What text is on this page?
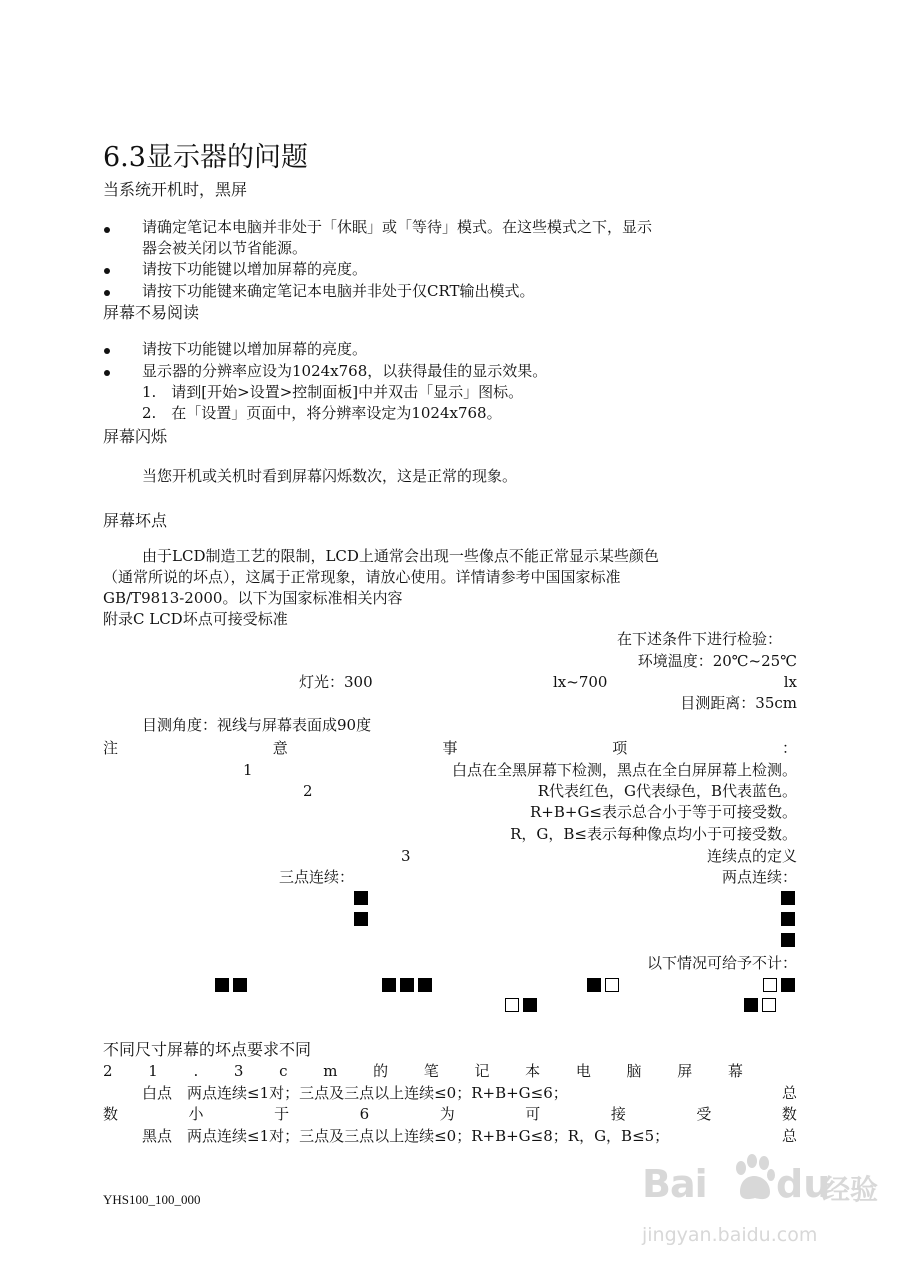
6.3显示器的问题
当系统开机时，黑屏
请确定笔记本电脑并非处于「休眠」或「等待」模式。在这些模式之下，显示
器会被关闭以节省能源。
请按下功能键以增加屏幕的亮度。
请按下功能键来确定笔记本电脑并非处于仅CRT输出模式。
屏幕不易阅读
请按下功能键以增加屏幕的亮度。
显示器的分辨率应设为1024x768，以获得最佳的显示效果。
1.　请到[开始>设置>控制面板]中并双击「显示」图标。
2.　在「设置」页面中，将分辨率设定为1024x768。
屏幕闪烁
当您开机或关机时看到屏幕闪烁数次，这是正常的现象。
屏幕坏点
由于LCD制造工艺的限制，LCD上通常会出现一些像点不能正常显示某些颜色
（通常所说的坏点），这属于正常现象，请放心使用。详情请参考中国国家标准
GB/T9813-2000。以下为国家标准相关内容
附录C LCD坏点可接受标准
在下述条件下进行检验：
环境温度：20℃~25℃
灯光：300	lx~700	lx
目测距离：35cm
目测角度：视线与屏幕表面成90度
注	意	事	项	：
1	白点在全黑屏幕下检测，黑点在全白屏屏幕上检测。
2	R代表红色，G代表绿色，B代表蓝色。
R+B+G≤表示总合小于等于可接受数。
R，G，B≤表示每种像点均小于可接受数。
3	连续点的定义
三点连续：	两点连续：
以下情况可给予不计：
不同尺寸屏幕的坏点要求不同
2 1 . 3 c m 的 笔 记 本 电 脑 屏 幕
白点　两点连续≤1对；三点及三点以上连续≤0；R+B+G≤6；	总
数	小	于	6	为	可	接	受	数
黑点　两点连续≤1对；三点及三点以上连续≤0；R+B+G≤8；R，G，B≤5；	总
YHS100_100_000	Bai du
经验
jingyan.baidu.com
